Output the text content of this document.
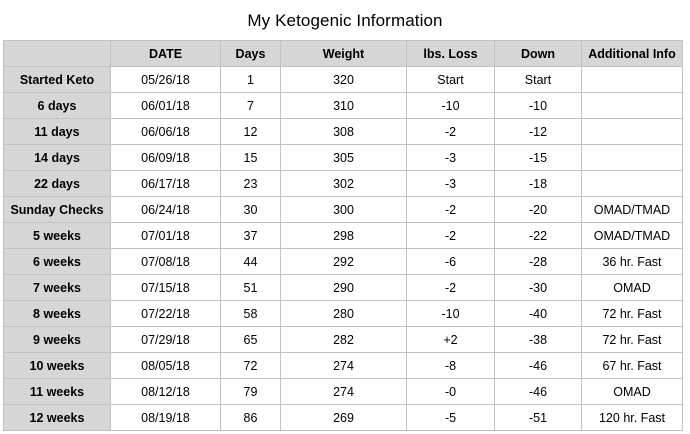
My Ketogenic Information
	DATE	Days	Weight	lbs. Loss	Down	Additional Info
Started Keto	05/26/18	1	320	Start	Start	
6 days	06/01/18	7	310	-10	-10	
11 days	06/06/18	12	308	-2	-12	
14 days	06/09/18	15	305	-3	-15	
22 days	06/17/18	23	302	-3	-18	
Sunday Checks	06/24/18	30	300	-2	-20	OMAD/TMAD
5 weeks	07/01/18	37	298	-2	-22	OMAD/TMAD
6 weeks	07/08/18	44	292	-6	-28	36 hr. Fast
7 weeks	07/15/18	51	290	-2	-30	OMAD
8 weeks	07/22/18	58	280	-10	-40	72 hr. Fast
9 weeks	07/29/18	65	282	+2	-38	72 hr. Fast
10 weeks	08/05/18	72	274	-8	-46	67 hr. Fast
11 weeks	08/12/18	79	274	-0	-46	OMAD
12 weeks	08/19/18	86	269	-5	-51	120 hr. Fast
